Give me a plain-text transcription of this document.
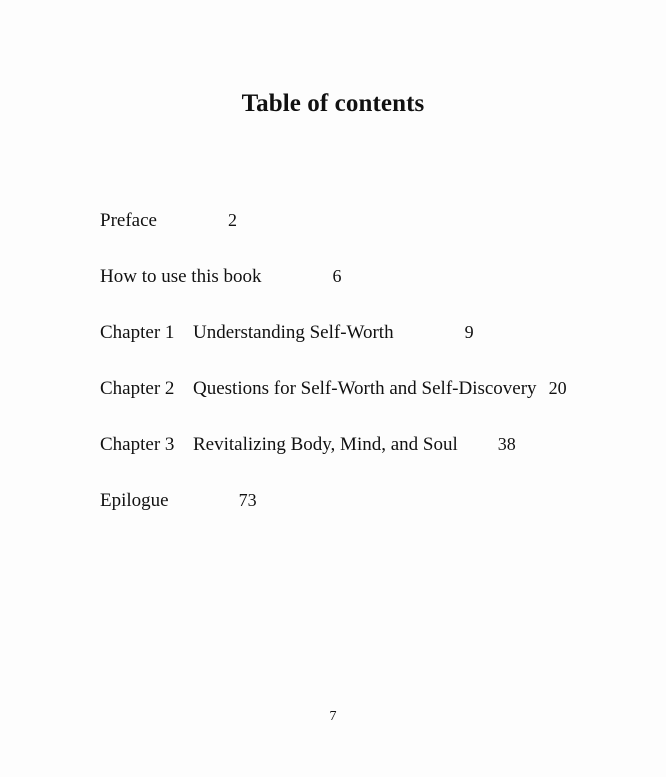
Table of contents
Preface	2
How to use this book	6
Chapter 1 Understanding Self-Worth	9
Chapter 2 Questions for Self-Worth and Self-Discovery 20
Chapter 3 Revitalizing Body, Mind, and Soul 38
Epilogue	73
7
